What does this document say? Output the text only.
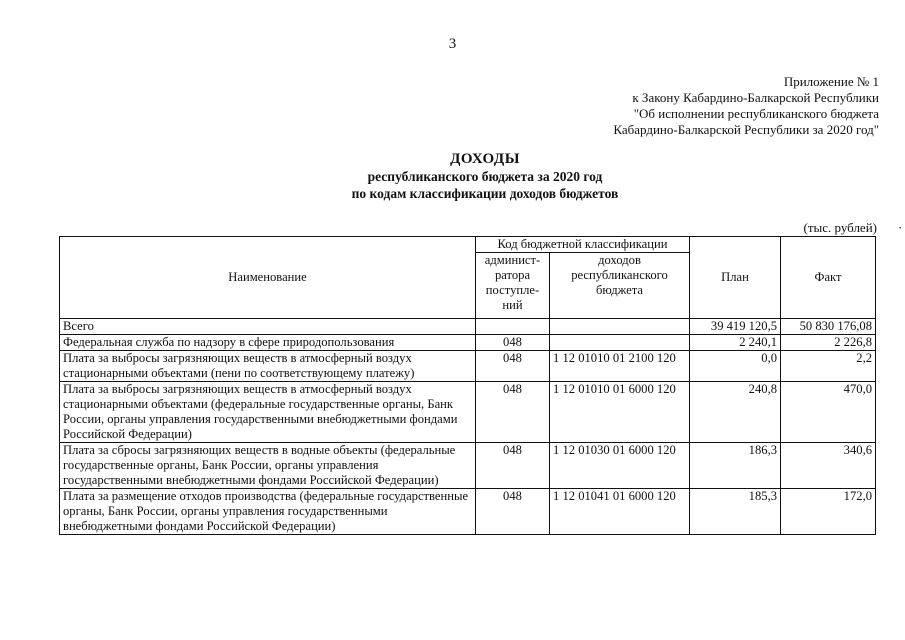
3
Приложение № 1
к Закону Кабардино-Балкарской Республики
"Об исполнении республиканского бюджета
Кабардино-Балкарской Республики за 2020 год"
ДОХОДЫ
республиканского бюджета за 2020 год
по кодам классификации доходов бюджетов
(тыс. рублей) ·
Наименование	Код бюджетной классификации		План	Факт
	админист- ратора поступле- ний	доходов республиканского бюджета		
Всего			39 419 120,5	50 830 176,08
Федеральная служба по надзору в сфере природопользования	048		2 240,1	2 226,8
Плата за выбросы загрязняющих веществ в атмосферный воздух стационарными объектами (пени по соответствующему платежу)	048	1 12 01010 01 2100 120	0,0	2,2
Плата за выбросы загрязняющих веществ в атмосферный воздух стационарными объектами (федеральные государственные органы, Банк России, органы управления государственными внебюджетными фондами Российской Федерации)	048	1 12 01010 01 6000 120	240,8	470,0
Плата за сбросы загрязняющих веществ в водные объекты (федеральные государственные органы, Банк России, органы управления государственными внебюджетными фондами Российской Федерации)	048	1 12 01030 01 6000 120	186,3	340,6
Плата за размещение отходов производства (федеральные государственные органы, Банк России, органы управления государственными внебюджетными фондами Российской Федерации)	048	1 12 01041 01 6000 120	185,3	172,0
